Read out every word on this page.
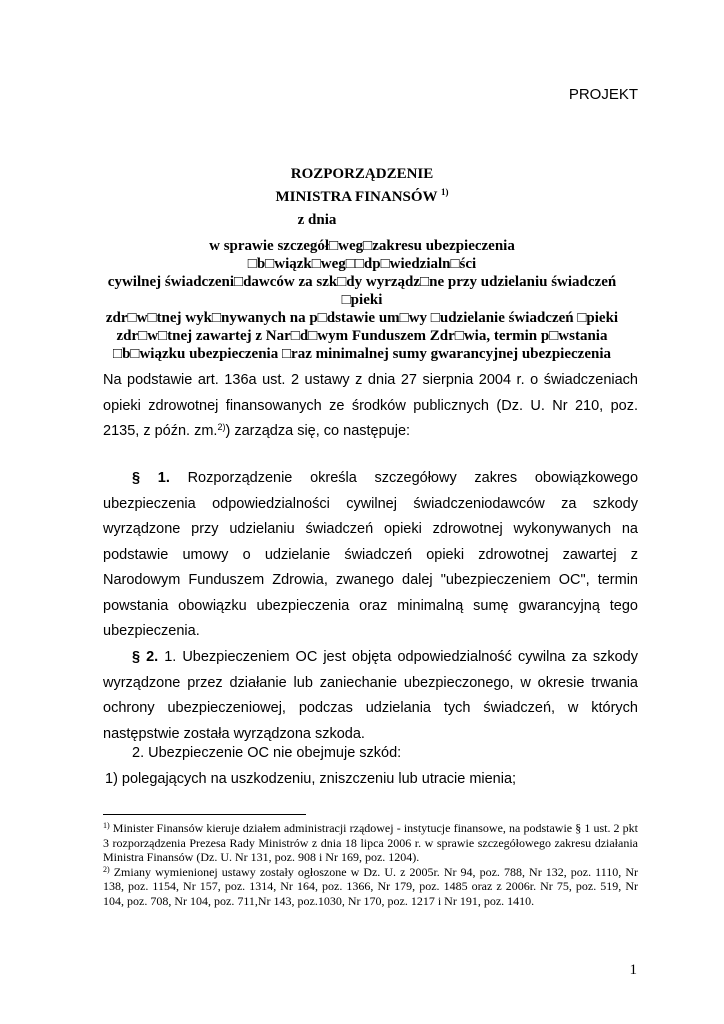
PROJEKT
ROZPORZĄDZENIE
MINISTRA FINANSÓW $^{1)}$
z dnia
w sprawie szczegół□weg□zakresu ubezpieczenia □b□wiązk□weg□□dp□wiedzialn□ści
cywilnej świadczeni□dawców za szk□dy wyrządz□ne przy udzielaniu świadczeń □pieki
zdr□w□tnej wyk□nywanych na p□dstawie um□wy □udzielanie świadczeń □pieki
zdr□w□tnej zawartej z Nar□d□wym Funduszem Zdr□wia, termin p□wstania
□b□wiązku ubezpieczenia □raz minimalnej sumy gwarancyjnej ubezpieczenia
Na podstawie art. 136a ust. 2 ustawy z dnia 27 sierpnia 2004 r. o świadczeniach opieki zdrowotnej finansowanych ze środków publicznych (Dz. U. Nr 210, poz. 2135, z późn. zm.$^{2)}$) zarządza się, co następuje:
§ 1. Rozporządzenie określa szczegółowy zakres obowiązkowego ubezpieczenia odpowiedzialności cywilnej świadczeniodawców za szkody wyrządzone przy udzielaniu świadczeń opieki zdrowotnej wykonywanych na podstawie umowy o udzielanie świadczeń opieki zdrowotnej zawartej z Narodowym Funduszem Zdrowia, zwanego dalej "ubezpieczeniem OC", termin powstania obowiązku ubezpieczenia oraz minimalną sumę gwarancyjną tego ubezpieczenia.
§ 2. 1. Ubezpieczeniem OC jest objęta odpowiedzialność cywilna za szkody wyrządzone przez działanie lub zaniechanie ubezpieczonego, w okresie trwania ochrony ubezpieczeniowej, podczas udzielania tych świadczeń, w których następstwie została wyrządzona szkoda.
2. Ubezpieczenie OC nie obejmuje szkód:
1) polegających na uszkodzeniu, zniszczeniu lub utracie mienia;

$^{1)}$ Minister Finansów kieruje działem administracji rządowej - instytucje finansowe, na podstawie § 1 ust. 2 pkt 3 rozporządzenia Prezesa Rady Ministrów z dnia 18 lipca 2006 r. w sprawie szczegółowego zakresu działania Ministra Finansów (Dz. U. Nr 131, poz. 908 i Nr 169, poz. 1204).

$^{2)}$ Zmiany wymienionej ustawy zostały ogłoszone w Dz. U. z 2005r. Nr 94, poz. 788, Nr 132, poz. 1110, Nr 138, poz. 1154, Nr 157, poz. 1314, Nr 164, poz. 1366, Nr 179, poz. 1485 oraz z 2006r. Nr 75, poz. 519, Nr 104, poz. 708, Nr 104, poz. 711,Nr 143, poz.1030, Nr 170, poz. 1217 i Nr 191, poz. 1410.

1
